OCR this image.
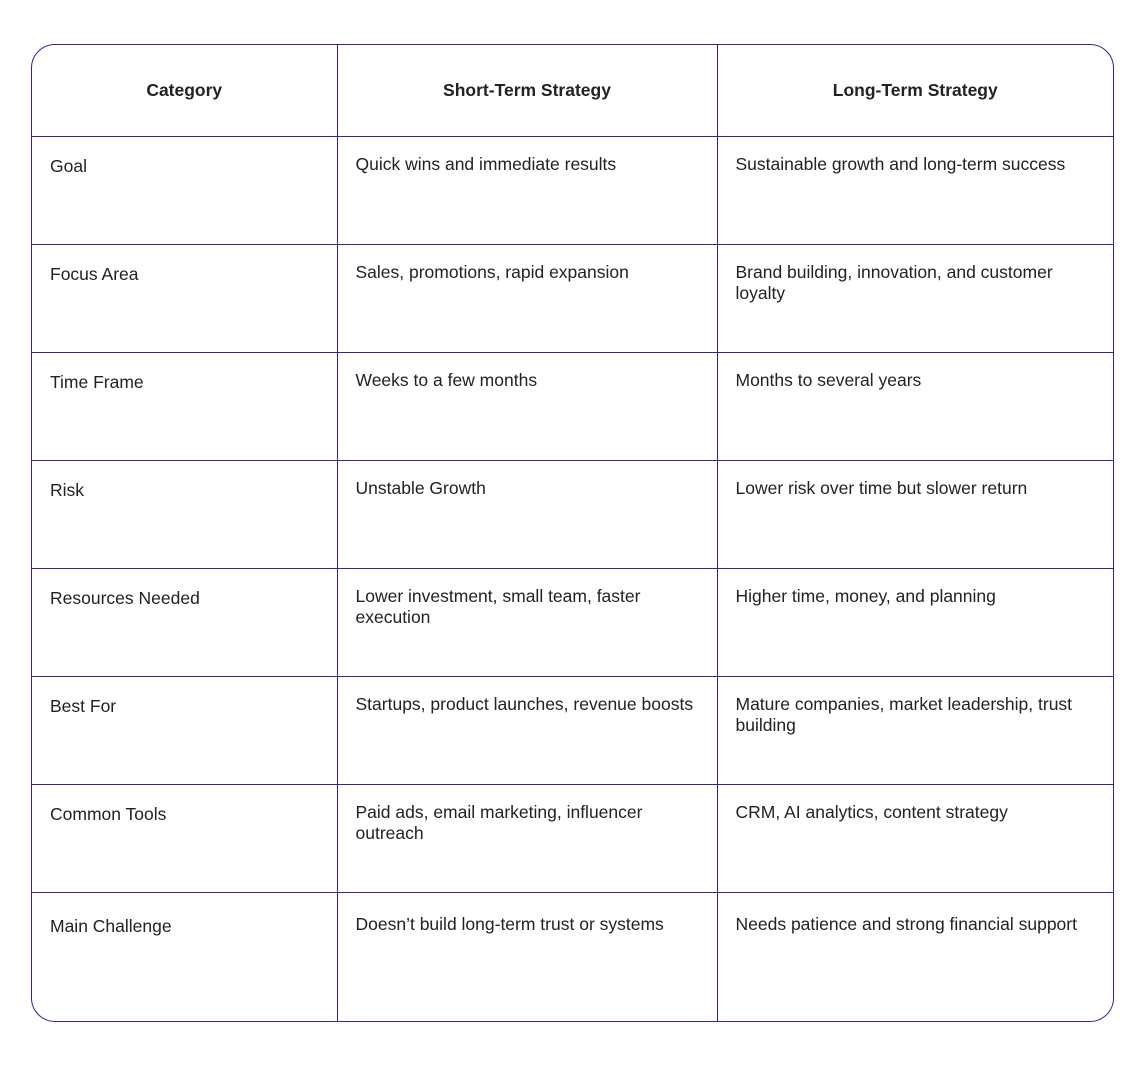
Category	Short-Term Strategy	Long-Term Strategy
Goal	Quick wins and immediate results	Sustainable growth and long-term success
Focus Area	Sales, promotions, rapid expansion	Brand building, innovation, and customer loyalty
Time Frame	Weeks to a few months	Months to several years
Risk	Unstable Growth	Lower risk over time but slower return
Resources Needed	Lower investment, small team, faster execution	Higher time, money, and planning
Best For	Startups, product launches, revenue boosts	Mature companies, market leadership, trust building
Common Tools	Paid ads, email marketing, influencer outreach	CRM, AI analytics, content strategy
Main Challenge	Doesn’t build long-term trust or systems	Needs patience and strong financial support
